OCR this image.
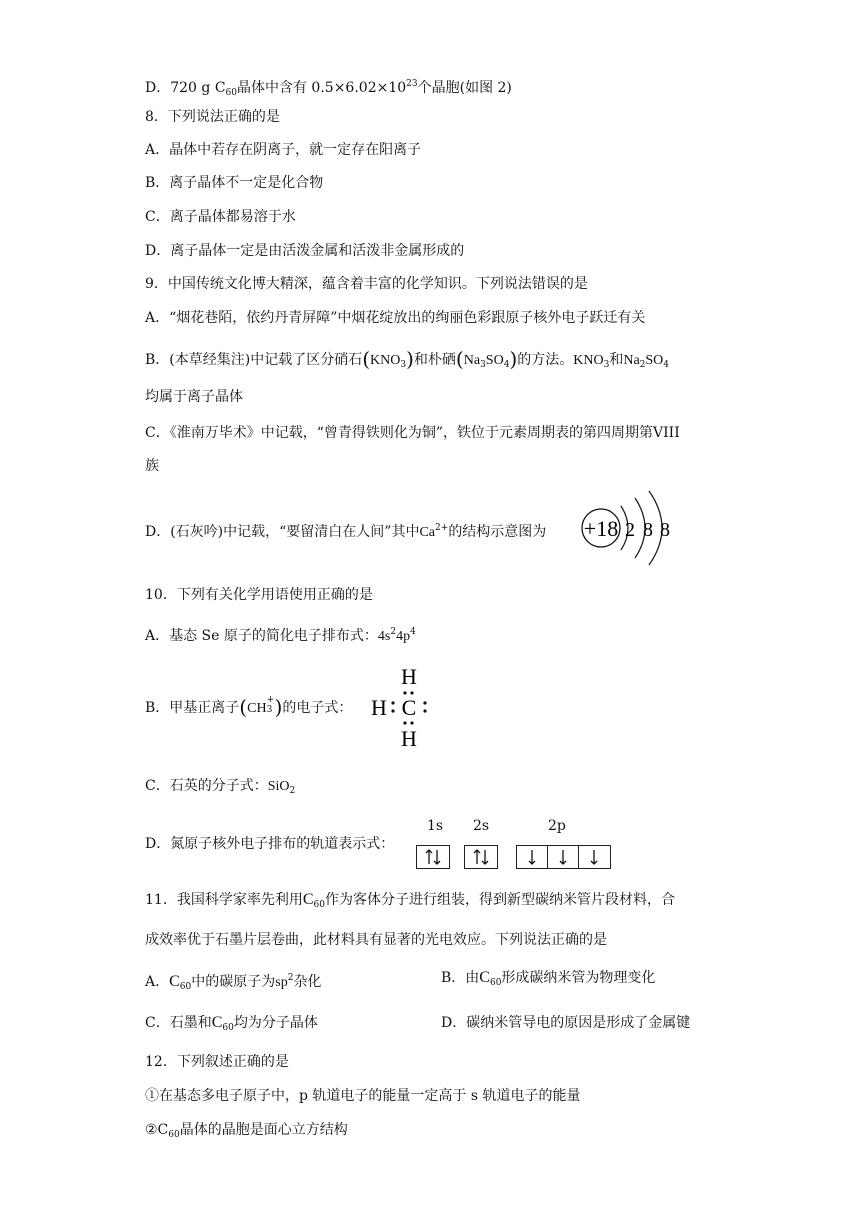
D．720 g $C_{60}$晶体中含有 $0.5\times 6.02\times 10^{23}$个晶胞(如图 2)
8．下列说法正确的是
A．晶体中若存在阴离子，就一定存在阳离子
B．离子晶体不一定是化合物
C．离子晶体都易溶于水
D．离子晶体一定是由活泼金属和活泼非金属形成的
9．中国传统文化博大精深，蕴含着丰富的化学知识。下列说法错误的是
A．“烟花巷陌，依约丹青屏障”中烟花绽放出的绚丽色彩跟原子核外电子跃迁有关
B．(本草经集注)中记载了区分硝石$(KNO_3)$和朴硒$(Na_3SO_4)$的方法。$KNO_3$和$Na_2SO_4$
均属于离子晶体
C．《淮南万毕术》中记载，“曾青得铁则化为铜”，铁位于元素周期表的第四周期第VIII
族
D．(石灰吟)中记载，“要留清白在人间”其中$Ca^{2+}$的结构示意图为 +18 2 8 8
10．下列有关化学用语使用正确的是
A．基态 Se 原子的简化电子排布式：$4s^24p^4$
B．甲基正离子(CH
+
3 )的电子式：
H
H C
H
C．石英的分子式：SiO$_2$
D．氮原子核外电子排布的轨道表示式：
1s 2s	2p
11．我国科学家率先利用$C_{60}$作为客体分子进行组装，得到新型碳纳米管片段材料，合
成效率优于石墨片层卷曲，此材料具有显著的光电效应。下列说法正确的是
A．$C_{60}$中的碳原子为$sp^2$杂化	B．由$C_{60}$形成碳纳米管为物理变化
C．石墨和$C_{60}$均为分子晶体	D．碳纳米管导电的原因是形成了金属键
12．下列叙述正确的是
①在基态多电子原子中，p 轨道电子的能量一定高于 s 轨道电子的能量
$②C_{60}$晶体的晶胞是面心立方结构
